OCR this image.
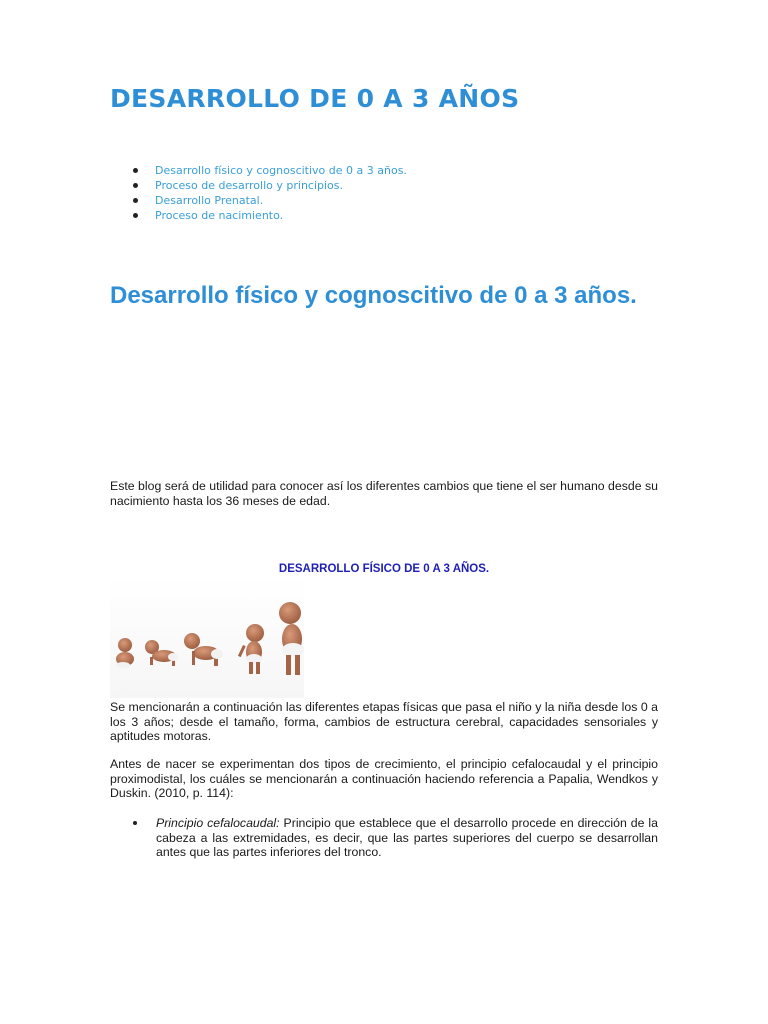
DESARROLLO DE 0 A 3 AÑOS
Desarrollo físico y cognoscitivo de 0 a 3 años.
Proceso de desarrollo y principios.
Desarrollo Prenatal.
Proceso de nacimiento.
Desarrollo físico y cognoscitivo de 0 a 3 años.

Este blog será de utilidad para conocer así los diferentes cambios que tiene el ser humano desde su nacimiento hasta los 36 meses de edad.

DESARROLLO FÍSICO DE 0 A 3 AÑOS.

Se mencionarán a continuación las diferentes etapas físicas que pasa el niño y la niña desde los 0 a los 3 años; desde el tamaño, forma, cambios de estructura cerebral, capacidades sensoriales y aptitudes motoras.

Antes de nacer se experimentan dos tipos de crecimiento, el principio cefalocaudal y el principio proximodistal, los cuáles se mencionarán a continuación haciendo referencia a Papalia, Wendkos y Duskin. (2010, p. 114):

Principio cefalocaudal: Principio que establece que el desarrollo procede en dirección de la cabeza a las extremidades, es decir, que las partes superiores del cuerpo se desarrollan antes que las partes inferiores del tronco.
